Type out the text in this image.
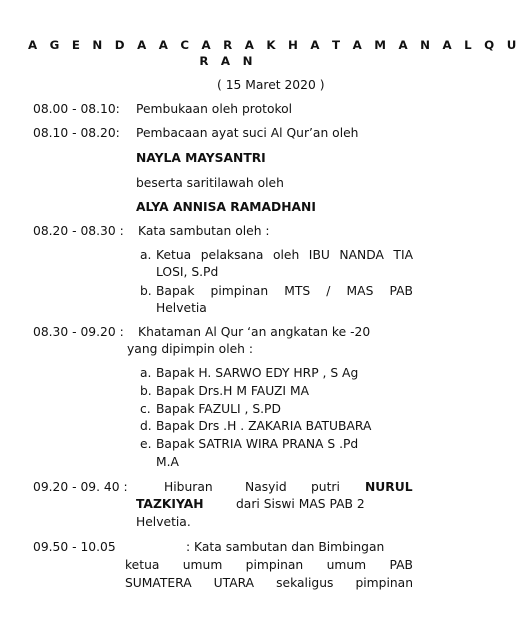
A G E N D A A C A R A K H A T A M A N A L Q U
R A N
( 15 Maret 2020 )
08.00 - 08.10: Pembukaan oleh protokol
08.10 - 08.20: Pembacaan ayat suci Al Qur’an oleh
NAYLA MAYSANTRI
beserta saritilawah oleh
ALYA ANNISA RAMADHANI
08.20 - 08.30 : Kata sambutan oleh :
a. Ketua pelaksana oleh IBU NANDA TIA
LOSI, S.Pd
b. Bapak pimpinan MTS / MAS PAB
Helvetia
08.30 - 09.20 : Khataman Al Qur ‘an angkatan ke -20
yang dipimpin oleh :
a. Bapak H. SARWO EDY HRP , S Ag
b. Bapak Drs.H M FAUZI MA
c. Bapak FAZULI , S.PD
d. Bapak Drs .H . ZAKARIA BATUBARA
e. Bapak SATRIA WIRA PRANA S .Pd
M.A
09.20 - 09. 40 :	Hiburan	Nasyid putri NURUL
TAZKIYAH	dari Siswi MAS PAB 2
Helvetia.
09.50 - 10.05	: Kata sambutan dan Bimbingan
ketua umum pimpinan umum PAB
SUMATERA UTARA sekaligus pimpinan
